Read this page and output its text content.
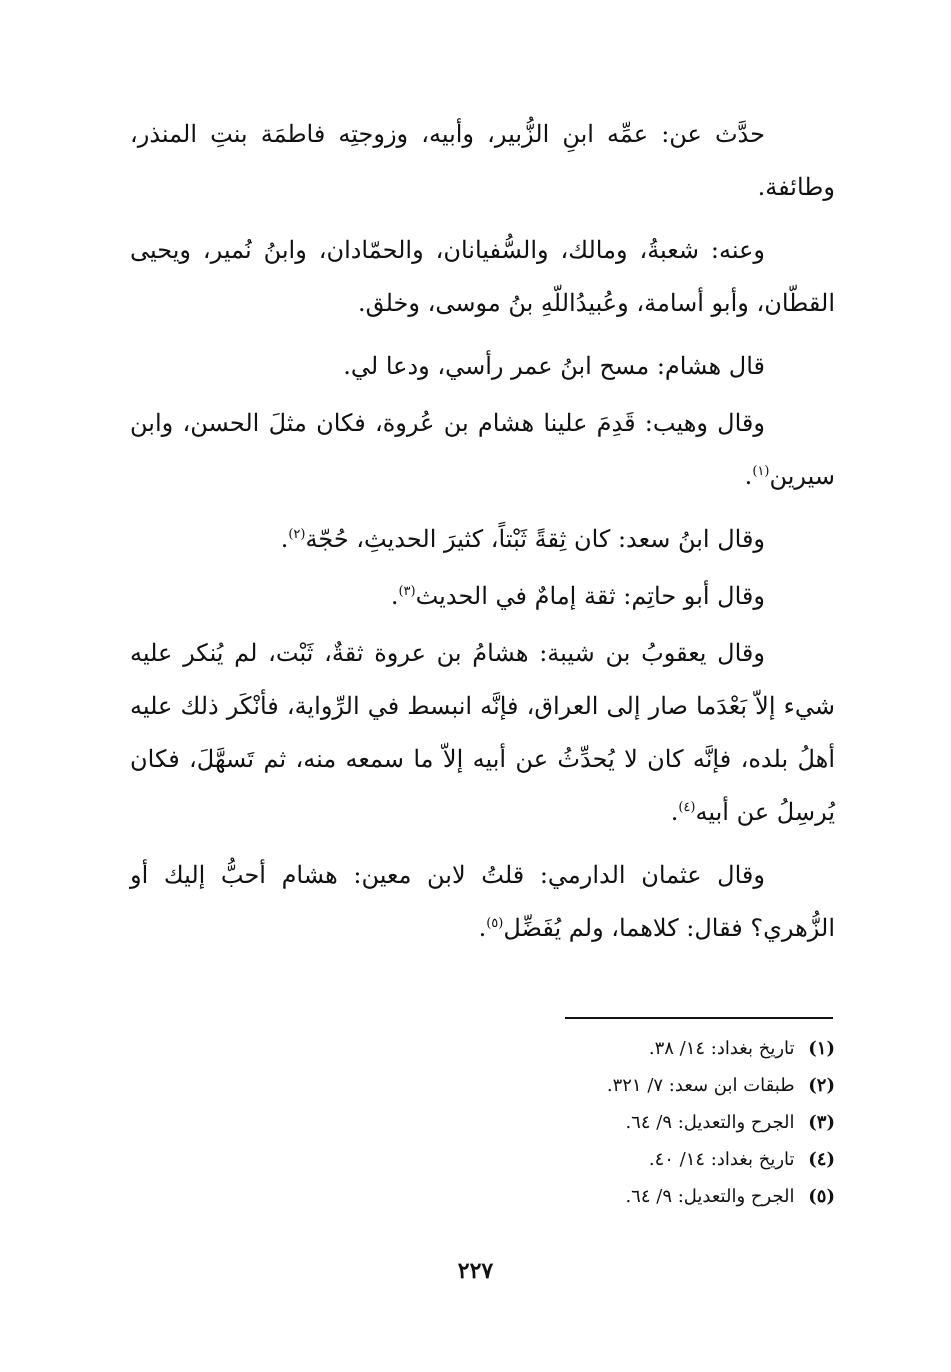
حدَّث عن: عمِّه ابنِ الزُّبير، وأبيه، وزوجتِه فاطمَة بنتِ المنذر، وطائفة.

وعنه: شعبةُ، ومالك، والسُّفيانان، والحمّادان، وابنُ نُمير، ويحيى القطّان، وأبو أسامة، وعُبيدُاللّهِ بنُ موسى، وخلق.

قال هشام: مسح ابنُ عمر رأسي، ودعا لي.

وقال وهيب: قَدِمَ علينا هشام بن عُروة، فكان مثلَ الحسن، وابن سيرين$^{(١)}$.

وقال ابنُ سعد: كان ثِقةً ثَبْتاً، كثيرَ الحديثِ، حُجّة$^{(٢)}$.

وقال أبو حاتِم: ثقة إمامٌ في الحديث$^{(٣)}$.

وقال يعقوبُ بن شيبة: هشامُ بن عروة ثقةٌ، ثَبْت، لم يُنكر عليه شيء إلاّ بَعْدَما صار إلى العراق، فإنَّه انبسط في الرِّواية، فأنْكَر ذلك عليه أهلُ بلده، فإنَّه كان لا يُحدِّثُ عن أبيه إلاّ ما سمعه منه، ثم تَسهَّلَ، فكان يُرسِلُ عن أبيه$^{(٤)}$.

وقال عثمان الدارمي: قلتُ لابن معين: هشام أحبُّ إليك أو الزُّهري؟ فقال: كلاهما، ولم يُفَضِّل$^{(٥)}$.

(١) تاريخ بغداد: ١٤/ ٣٨.
(٢) طبقات ابن سعد: ٧/ ٣٢١.
(٣) الجرح والتعديل: ٩/ ٦٤.
(٤) تاريخ بغداد: ١٤/ ٤٠.
(٥) الجرح والتعديل: ٩/ ٦٤.
٢٢٧
